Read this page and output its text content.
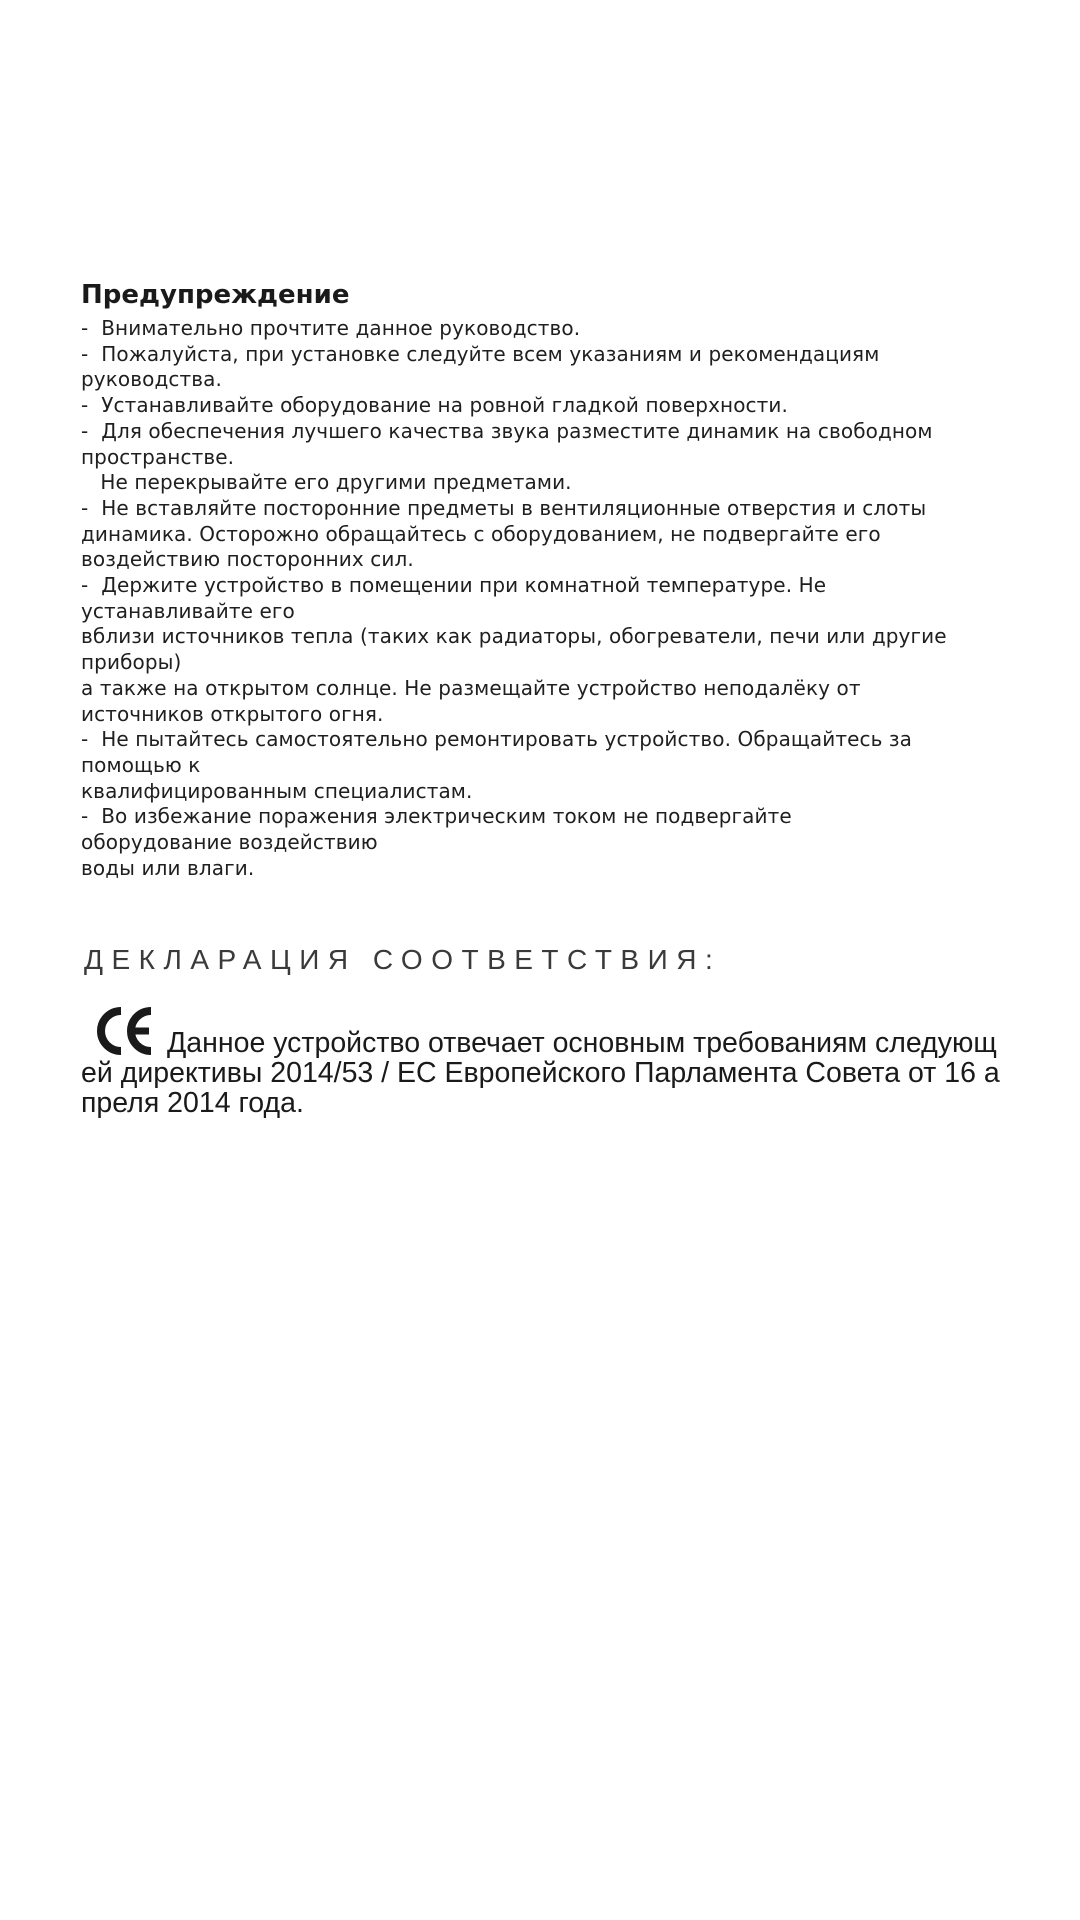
Предупреждение
-  Внимательно прочтите данное руководство.
-  Пожалуйста, при установке следуйте всем указаниям и рекомендациям
руководства.
-  Устанавливайте оборудование на ровной гладкой поверхности.
-  Для обеспечения лучшего качества звука разместите динамик на свободном
пространстве.
Не перекрывайте его другими предметами.
-  Не вставляйте посторонние предметы в вентиляционные отверстия и слоты
динамика. Осторожно обращайтесь с оборудованием, не подвергайте его
воздействию посторонних сил.
-  Держите устройство в помещении при комнатной температуре. Не
устанавливайте его
вблизи источников тепла (таких как радиаторы, обогреватели, печи или другие
приборы)
а также на открытом солнце. Не размещайте устройство неподалёку от
источников открытого огня.
-  Не пытайтесь самостоятельно ремонтировать устройство. Обращайтесь за
помощью к
квалифицированным специалистам.
-  Во избежание поражения электрическим током не подвергайте
оборудование воздействию
воды или влаги.
ДЕКЛАРАЦИЯ СООТВЕТСТВИЯ:
Данное устройство отвечает основным требованиям следующ
ей директивы 2014/53 / EC Европейского Парламента Совета от 16 а
преля 2014 года.
